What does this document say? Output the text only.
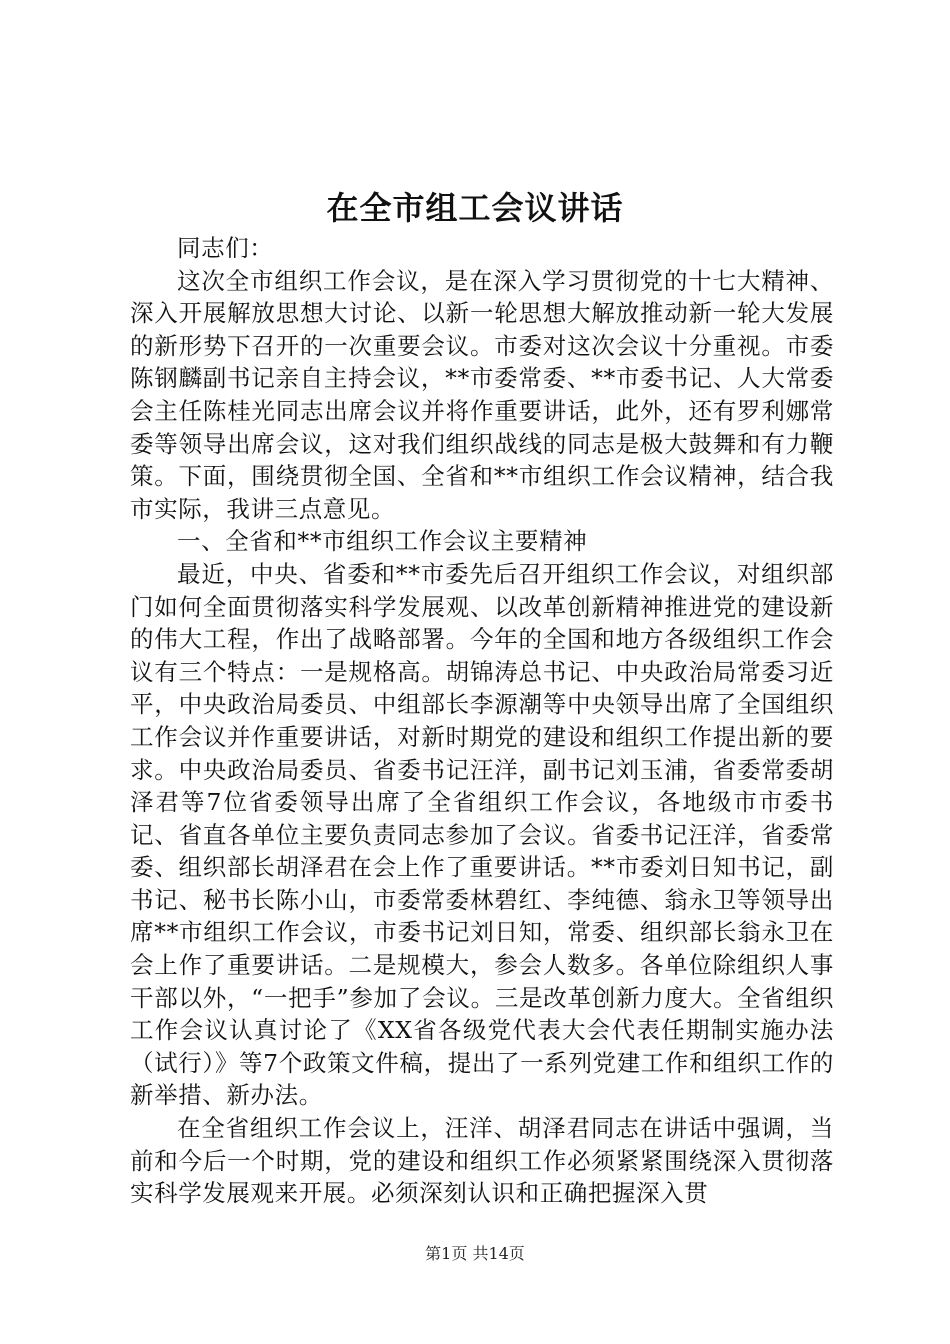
在全市组工会议讲话

同志们：

这次全市组织工作会议，是在深入学习贯彻党的十七大精神、深入开展解放思想大讨论、以新一轮思想大解放推动新一轮大发展的新形势下召开的一次重要会议。市委对这次会议十分重视。市委陈钢麟副书记亲自主持会议，**市委常委、**市委书记、人大常委会主任陈桂光同志出席会议并将作重要讲话，此外，还有罗利娜常委等领导出席会议，这对我们组织战线的同志是极大鼓舞和有力鞭策。下面，围绕贯彻全国、全省和**市组织工作会议精神，结合我市实际，我讲三点意见。

一、全省和**市组织工作会议主要精神

最近，中央、省委和**市委先后召开组织工作会议，对组织部门如何全面贯彻落实科学发展观、以改革创新精神推进党的建设新的伟大工程，作出了战略部署。今年的全国和地方各级组织工作会议有三个特点：一是规格高。胡锦涛总书记、中央政治局常委习近平，中央政治局委员、中组部长李源潮等中央领导出席了全国组织工作会议并作重要讲话，对新时期党的建设和组织工作提出新的要求。中央政治局委员、省委书记汪洋，副书记刘玉浦，省委常委胡泽君等7位省委领导出席了全省组织工作会议，各地级市市委书记、省直各单位主要负责同志参加了会议。省委书记汪洋，省委常委、组织部长胡泽君在会上作了重要讲话。**市委刘日知书记，副书记、秘书长陈小山，市委常委林碧红、李纯德、翁永卫等领导出席**市组织工作会议，市委书记刘日知，常委、组织部长翁永卫在会上作了重要讲话。二是规模大，参会人数多。各单位除组织人事干部以外，“一把手”参加了会议。三是改革创新力度大。全省组织工作会议认真讨论了《XX省各级党代表大会代表任期制实施办法（试行）》等7个政策文件稿，提出了一系列党建工作和组织工作的新举措、新办法。

在全省组织工作会议上，汪洋、胡泽君同志在讲话中强调，当前和今后一个时期，党的建设和组织工作必须紧紧围绕深入贯彻落实科学发展观来开展。必须深刻认识和正确把握深入贯

第1页 共14页
